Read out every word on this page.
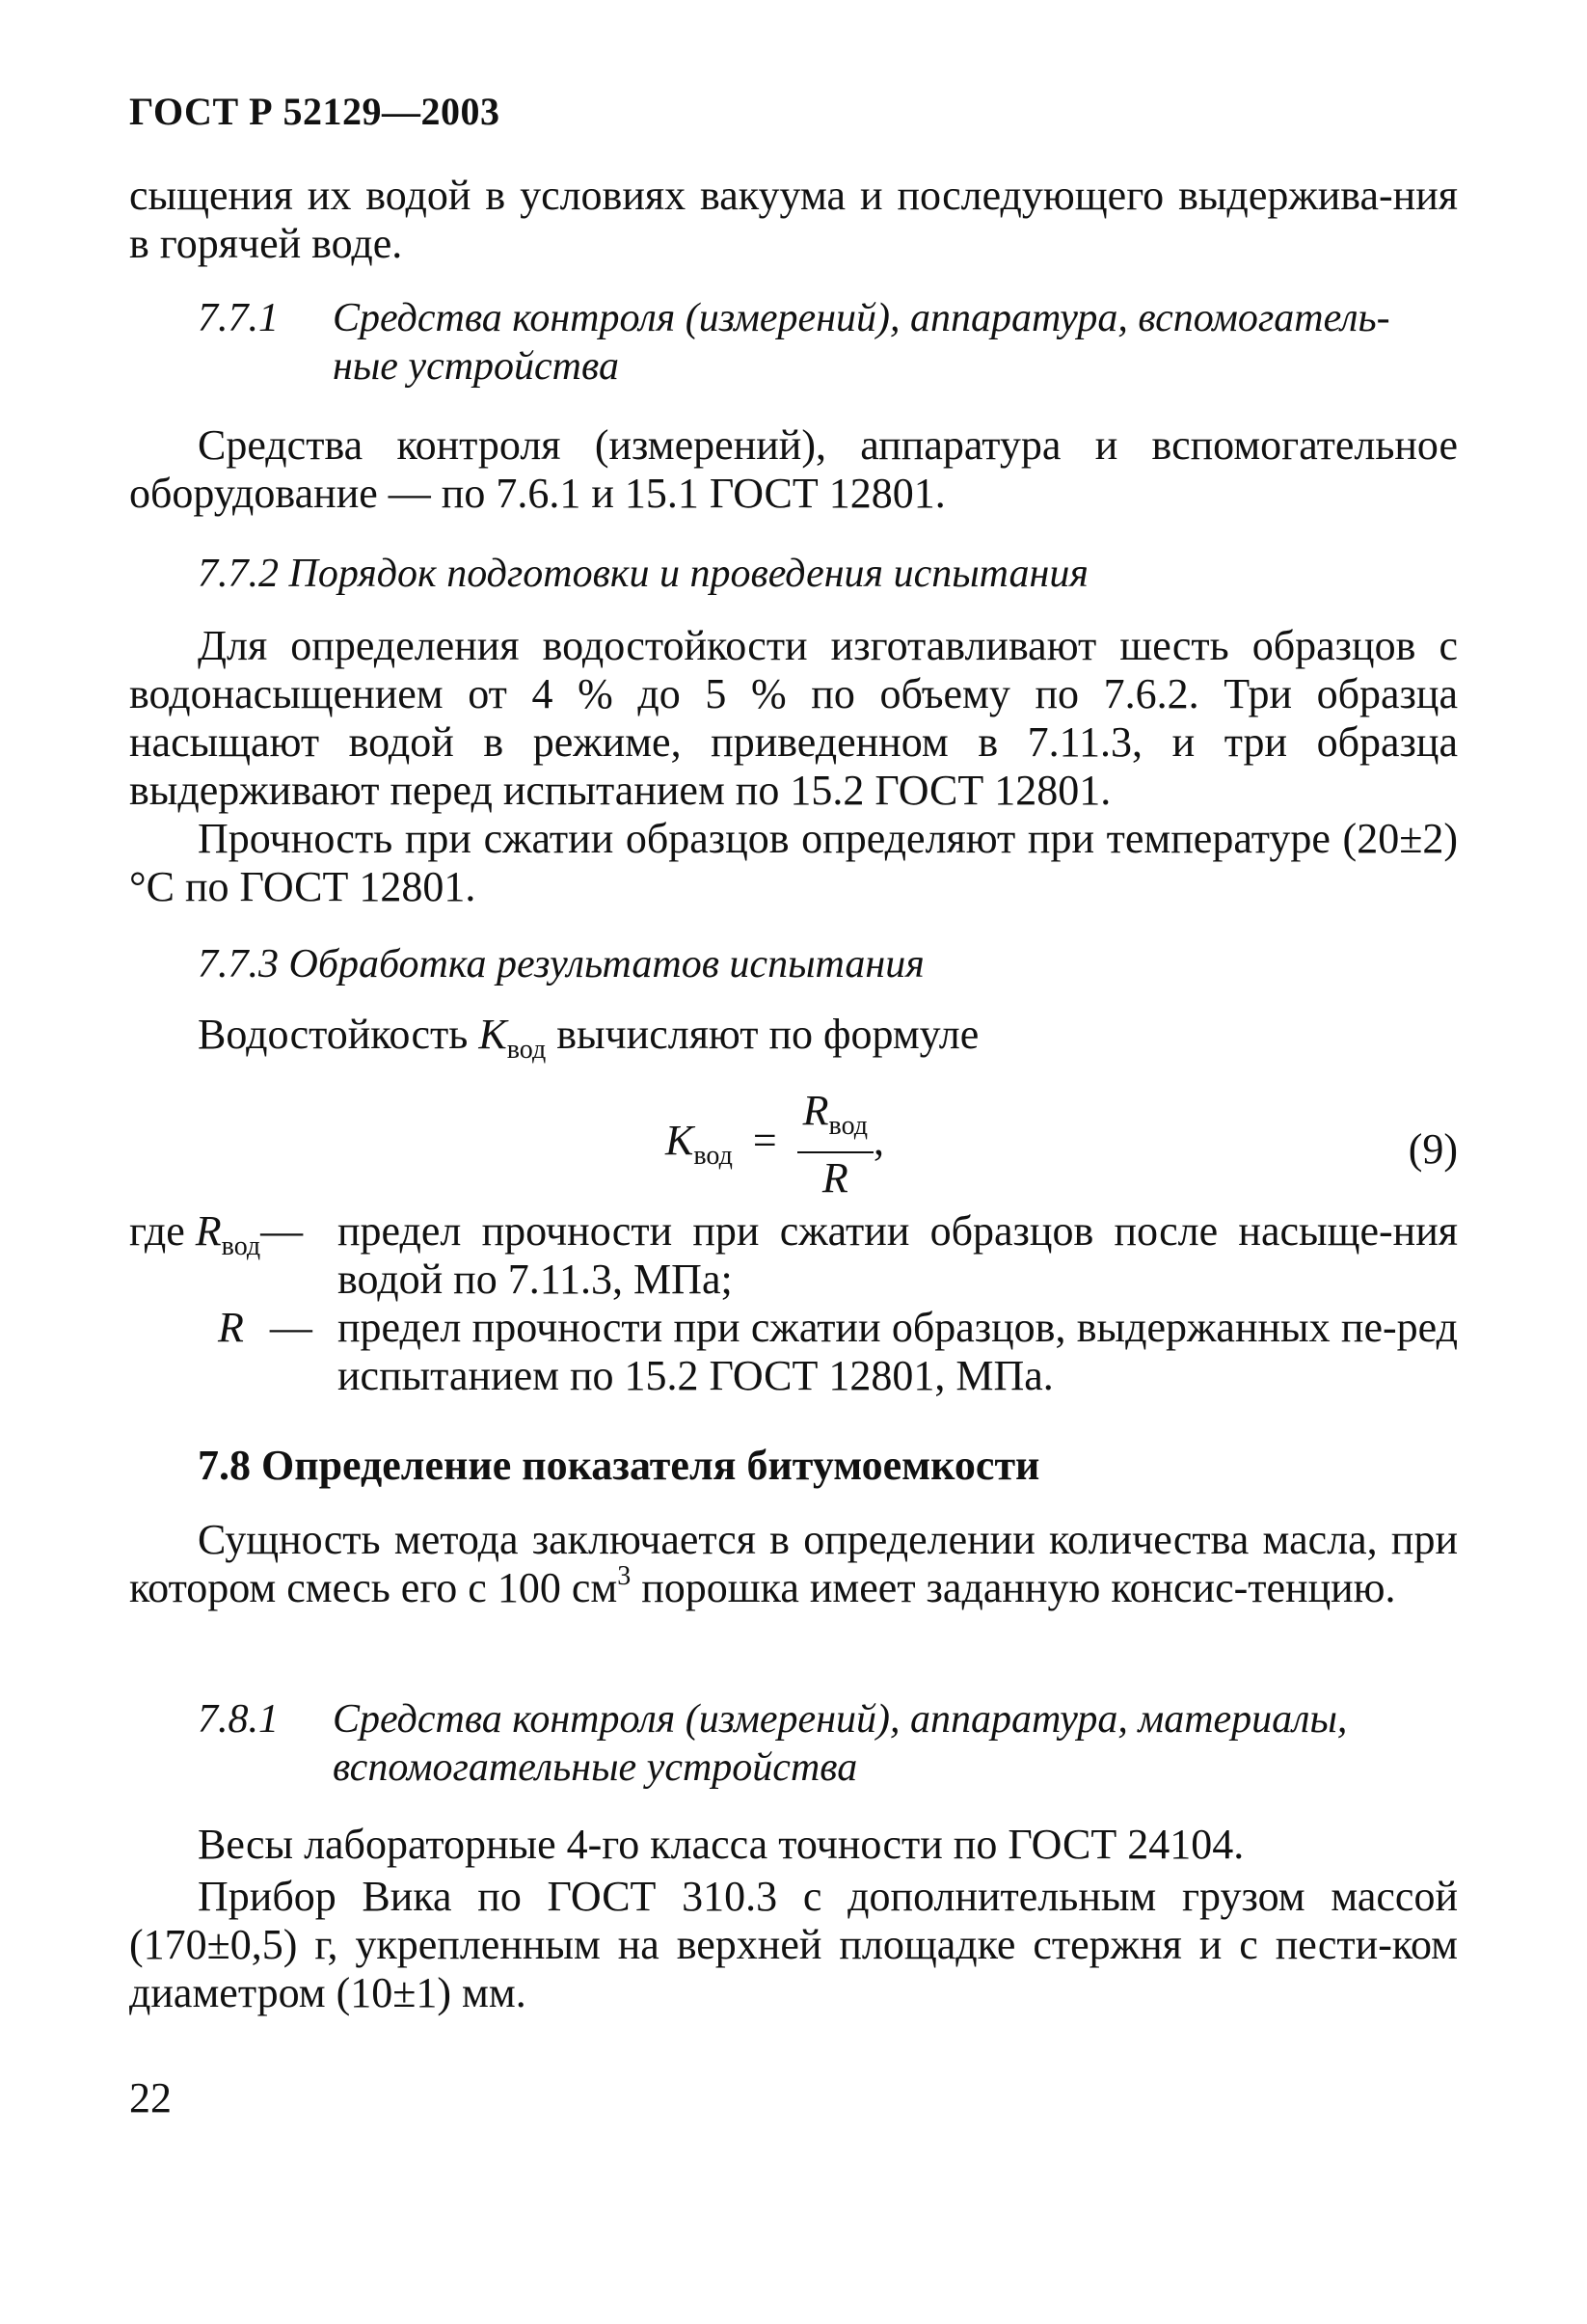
ГОСТ Р 52129—2003
сыщения их водой в условиях вакуума и последующего выдержива-ния в горячей воде.
7.7.1 Средства контроля (измерений), аппаратура, вспомогатель-
ные устройства
Средства контроля (измерений), аппаратура и вспомогательное оборудование — по 7.6.1 и 15.1 ГОСТ 12801.
7.7.2 Порядок подготовки и проведения испытания
Для определения водостойкости изготавливают шесть образцов с водонасыщением от 4 % до 5 % по объему по 7.6.2. Три образца насыщают водой в режиме, приведенном в 7.11.3, и три образца выдерживают перед испытанием по 15.2 ГОСТ 12801.
Прочность при сжатии образцов определяют при температуре (20±2) °С по ГОСТ 12801.
7.7.3 Обработка результатов испытания
Водостойкость $K_{вод}$ вычисляют по формуле
$K_{вод} = \frac{R_{вод}}{R}$ ,	(9)
где $R_{вод}—$ предел прочности при сжатии образцов после насыще-ния водой по 7.11.3, МПа;
R — предел прочности при сжатии образцов, выдержанных пе-ред испытанием по 15.2 ГОСТ 12801, МПа.
7.8 Определение показателя битумоемкости
Сущность метода заключается в определении количества масла, при котором смесь его с 100 $см^3$ порошка имеет заданную консис-тенцию.
7.8.1 Средства контроля (измерений), аппаратура, материалы,
вспомогательные устройства
Весы лабораторные 4-го класса точности по ГОСТ 24104.
Прибор Вика по ГОСТ 310.3 с дополнительным грузом массой (170±0,5) г, укрепленным на верхней площадке стержня и с пести-ком диаметром (10±1) мм.
22
